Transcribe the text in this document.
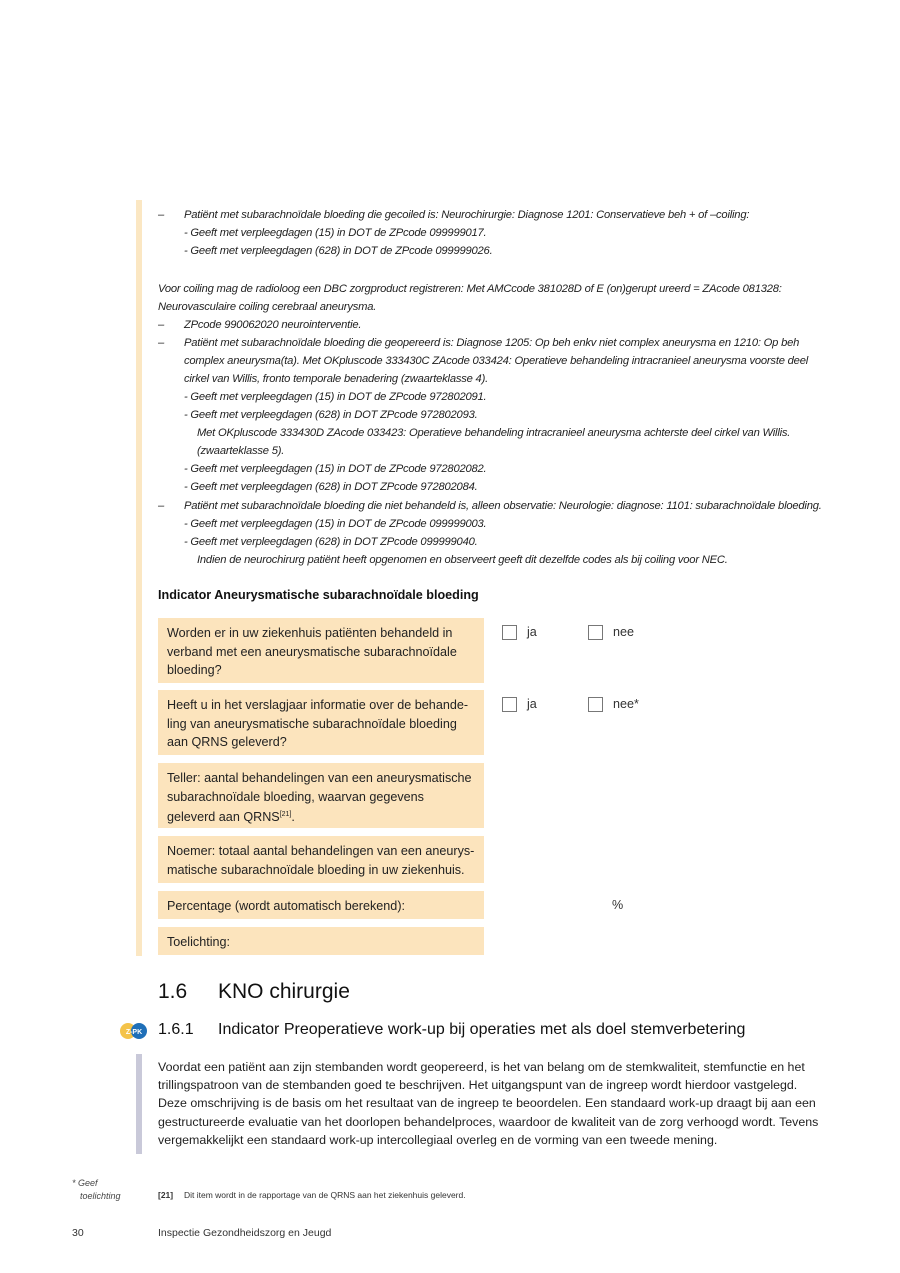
– Patiënt met subarachnoïdale bloeding die gecoiled is: Neurochirurgie: Diagnose 1201: Conservatieve beh + of –coiling:
- Geeft met verpleegdagen (15) in DOT de ZPcode 099999017.
- Geeft met verpleegdagen (628) in DOT de ZPcode 099999026.
Voor coiling mag de radioloog een DBC zorgproduct registreren: Met AMCcode 381028D of E (on)gerupt ureerd = ZAcode 081328:
Neurovasculaire coiling cerebraal aneurysma.
– ZPcode 990062020 neurointerventie.
– Patiënt met subarachnoïdale bloeding die geopereerd is: Diagnose 1205: Op beh enkv niet complex aneurysma en 1210: Op beh
complex aneurysma(ta). Met OKpluscode 333430C ZAcode 033424: Operatieve behandeling intracranieel aneurysma voorste deel
cirkel van Willis, fronto temporale benadering (zwaarteklasse 4).
- Geeft met verpleegdagen (15) in DOT de ZPcode 972802091.
- Geeft met verpleegdagen (628) in DOT ZPcode 972802093.
Met OKpluscode 333430D ZAcode 033423: Operatieve behandeling intracranieel aneurysma achterste deel cirkel van Willis.
(zwaarteklasse 5).
- Geeft met verpleegdagen (15) in DOT de ZPcode 972802082.
- Geeft met verpleegdagen (628) in DOT ZPcode 972802084.
– Patiënt met subarachnoïdale bloeding die niet behandeld is, alleen observatie: Neurologie: diagnose: 1101: subarachnoïdale bloeding.
- Geeft met verpleegdagen (15) in DOT de ZPcode 099999003.
- Geeft met verpleegdagen (628) in DOT ZPcode 099999040.
Indien de neurochirurg patiënt heeft opgenomen en observeert geeft dit dezelfde codes als bij coiling voor NEC.
Indicator Aneurysmatische subarachnoïdale bloeding
Worden er in uw ziekenhuis patiënten behandeld in verband met een aneurysmatische subarachnoïdale bloeding?
ja	nee
Heeft u in het verslagjaar informatie over de behande-ling van aneurysmatische subarachnoïdale bloeding aan QRNS geleverd?
ja	nee*
Teller: aantal behandelingen van een aneurysmatische subarachnoïdale bloeding, waarvan gegevens geleverd aan QRNS[21].
Noemer: totaal aantal behandelingen van een aneurys-matische subarachnoïdale bloeding in uw ziekenhuis.
Percentage (wordt automatisch berekend):	%
Toelichting:
1.6 KNO chirurgie
Z-PK 1.6.1 Indicator Preoperatieve work-up bij operaties met als doel stemverbetering
Voordat een patiënt aan zijn stembanden wordt geopereerd, is het van belang om de stemkwaliteit, stemfunctie en het trillingspatroon van de stembanden goed te beschrijven. Het uitgangspunt van de ingreep wordt hierdoor vastgelegd. Deze omschrijving is de basis om het resultaat van de ingreep te beoordelen. Een standaard work-up draagt bij aan een gestructureerde evaluatie van het doorlopen behandelproces, waardoor de kwaliteit van de zorg verhoogd wordt. Tevens vergemakkelijkt een standaard work-up intercollegiaal overleg en de vorming van een tweede mening.
* Geef
toelichting	[21] Dit item wordt in de rapportage van de QRNS aan het ziekenhuis geleverd.
30	Inspectie Gezondheidszorg en Jeugd
